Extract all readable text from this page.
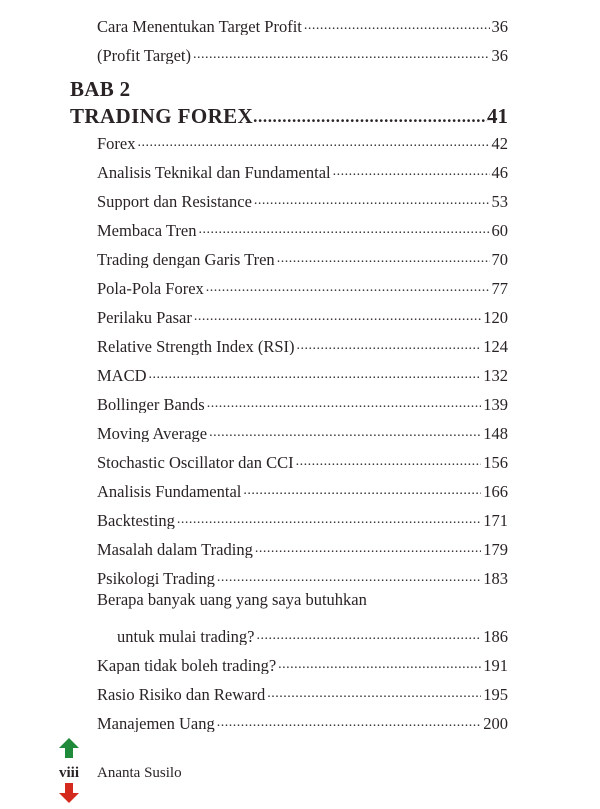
Cara Menentukan Target Profit .....	36
(Profit Target) .....	36
BAB 2
TRADING FOREX .....	41
Forex .....	42
Analisis Teknikal dan Fundamental .....	46
Support dan Resistance .....	53
Membaca Tren .....	60
Trading dengan Garis Tren .....	70
Pola-Pola Forex .....	77
Perilaku Pasar .....	120
Relative Strength Index (RSI) .....	124
MACD .....	132
Bollinger Bands .....	139
Moving Average .....	148
Stochastic Oscillator dan CCI .....	156
Analisis Fundamental .....	166
Backtesting .....	171
Masalah dalam Trading .....	179
Psikologi Trading .....	183
Berapa banyak uang yang saya butuhkan
untuk mulai trading? .....	186
Kapan tidak boleh trading? .....	191
Rasio Risiko dan Reward .....	195
Manajemen Uang .....	200
viii Ananta Susilo
